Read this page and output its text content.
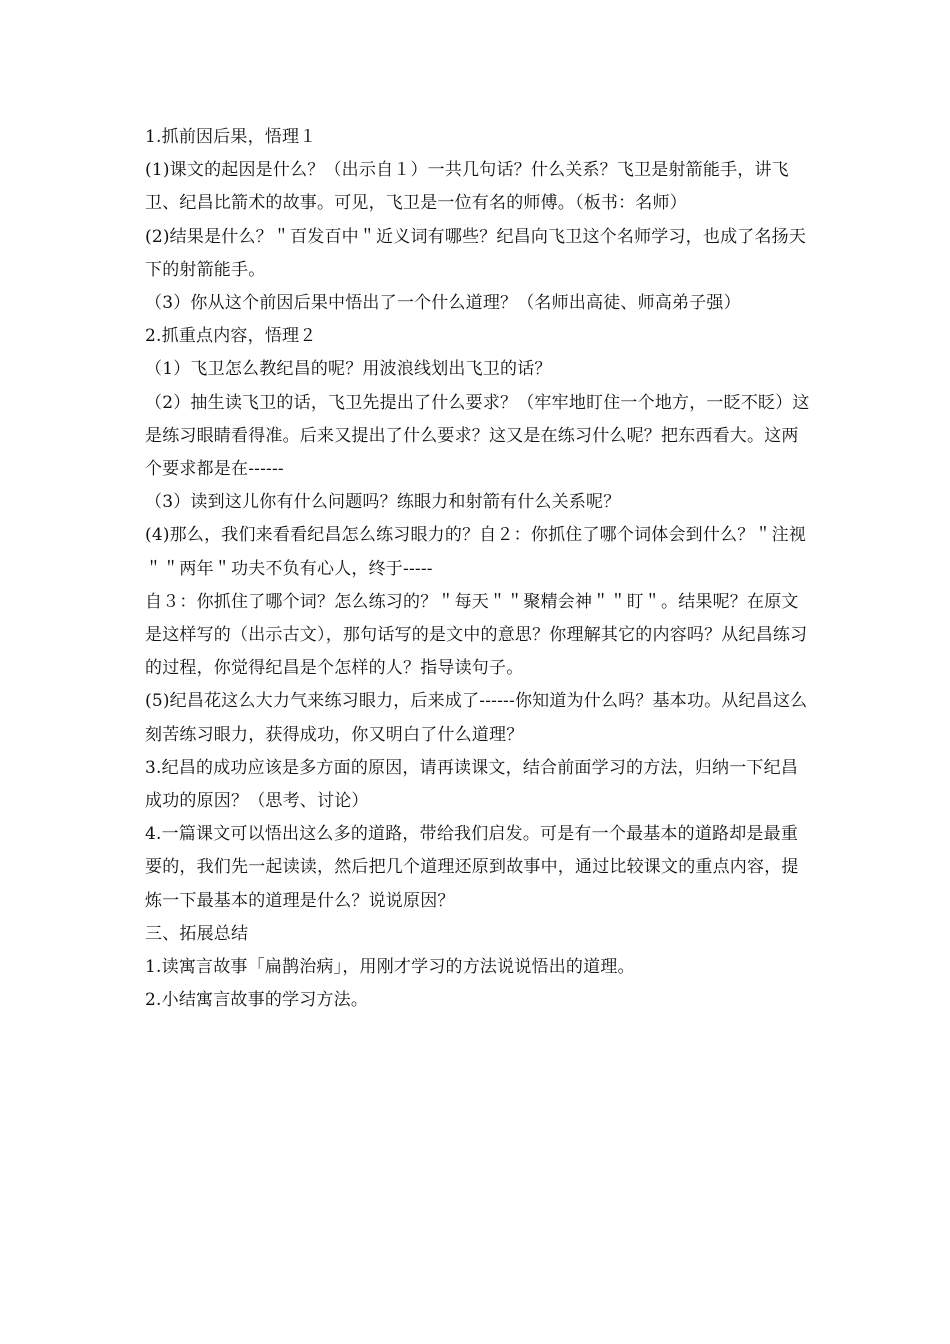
1.抓前因后果，悟理１

(1)课文的起因是什么？（出示自１）一共几句话？什么关系？飞卫是射箭能手，讲飞卫、纪昌比箭术的故事。可见，飞卫是一位有名的师傅。（板书：名师）

(2)结果是什么？＂百发百中＂近义词有哪些？纪昌向飞卫这个名师学习，也成了名扬天下的射箭能手。

（3）你从这个前因后果中悟出了一个什么道理？（名师出高徒、师高弟子强）

2.抓重点内容，悟理２

（1）飞卫怎么教纪昌的呢？用波浪线划出飞卫的话？

（2）抽生读飞卫的话，飞卫先提出了什么要求？（牢牢地盯住一个地方，一眨不眨）这是练习眼睛看得准。后来又提出了什么要求？这又是在练习什么呢？把东西看大。这两个要求都是在------

（3）读到这儿你有什么问题吗？练眼力和射箭有什么关系呢？

(4)那么，我们来看看纪昌怎么练习眼力的？自２：你抓住了哪个词体会到什么？＂注视＂＂两年＂功夫不负有心人，终于-----

自３：你抓住了哪个词？怎么练习的？＂每天＂＂聚精会神＂＂盯＂。结果呢？在原文是这样写的（出示古文），那句话写的是文中的意思？你理解其它的内容吗？从纪昌练习的过程，你觉得纪昌是个怎样的人？指导读句子。

(5)纪昌花这么大力气来练习眼力，后来成了------你知道为什么吗？基本功。从纪昌这么刻苦练习眼力，获得成功，你又明白了什么道理？

3.纪昌的成功应该是多方面的原因，请再读课文，结合前面学习的方法，归纳一下纪昌成功的原因？（思考、讨论）

4.一篇课文可以悟出这么多的道路，带给我们启发。可是有一个最基本的道路却是最重要的，我们先一起读读，然后把几个道理还原到故事中，通过比较课文的重点内容，提炼一下最基本的道理是什么？说说原因？

三、拓展总结

1.读寓言故事「扁鹊治病」，用刚才学习的方法说说悟出的道理。

2.小结寓言故事的学习方法。
